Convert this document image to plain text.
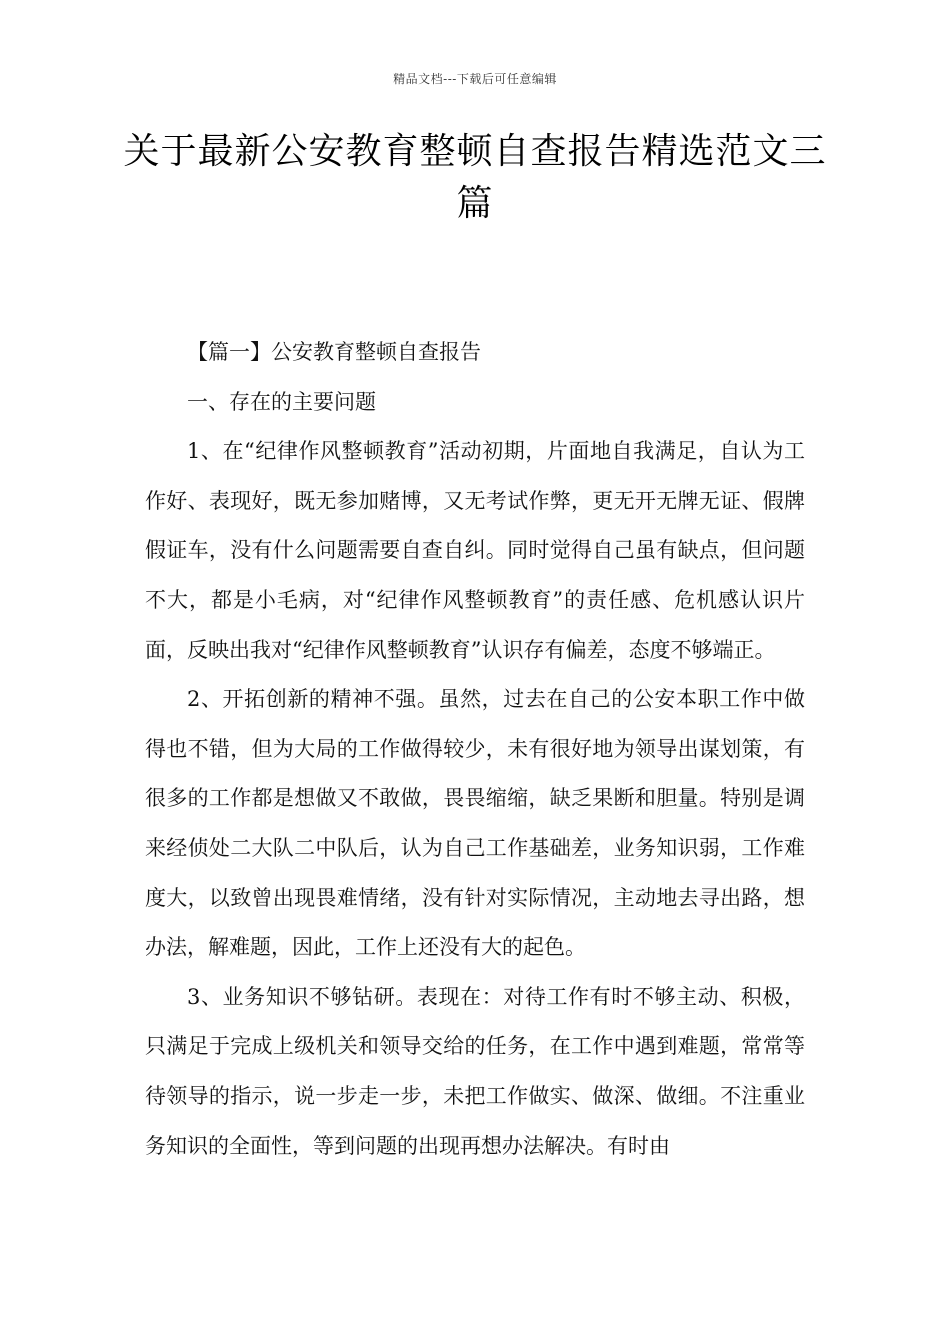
精品文档---下载后可任意编辑
关于最新公安教育整顿自查报告精选范文三篇

【篇一】公安教育整顿自查报告

一、存在的主要问题

1、在“纪律作风整顿教育”活动初期，片面地自我满足，自认为工作好、表现好，既无参加赌博，又无考试作弊，更无开无牌无证、假牌假证车，没有什么问题需要自查自纠。同时觉得自己虽有缺点，但问题不大，都是小毛病，对“纪律作风整顿教育”的责任感、危机感认识片面，反映出我对“纪律作风整顿教育”认识存有偏差，态度不够端正。

2、开拓创新的精神不强。虽然，过去在自己的公安本职工作中做得也不错，但为大局的工作做得较少，未有很好地为领导出谋划策，有很多的工作都是想做又不敢做，畏畏缩缩，缺乏果断和胆量。特别是调来经侦处二大队二中队后，认为自己工作基础差，业务知识弱，工作难度大，以致曾出现畏难情绪，没有针对实际情况，主动地去寻出路，想办法，解难题，因此，工作上还没有大的起色。

3、业务知识不够钻研。表现在：对待工作有时不够主动、积极，只满足于完成上级机关和领导交给的任务，在工作中遇到难题，常常等待领导的指示，说一步走一步，未把工作做实、做深、做细。不注重业务知识的全面性，等到问题的出现再想办法解决。有时由
